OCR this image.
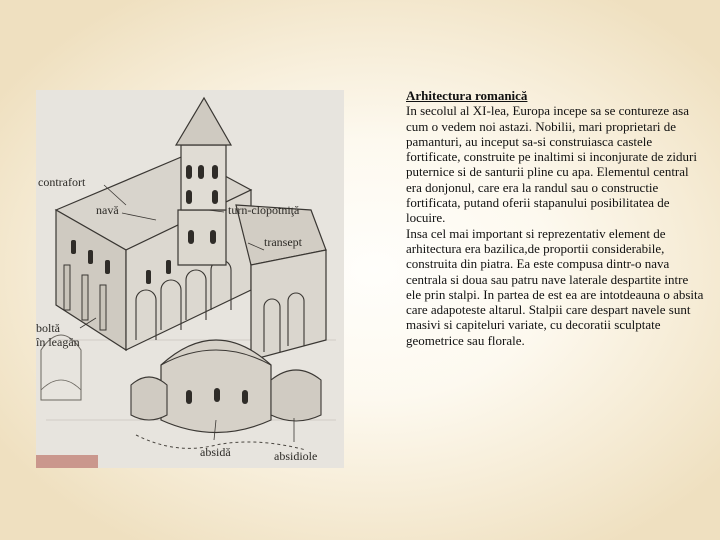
contrafort
navă	turn-clopotniţă
transept
boltă
în leagăn
absidă	absidiole
Arhitectura romanică
In secolul al XI-lea, Europa incepe sa se contureze asa cum o vedem noi astazi. Nobilii, mari proprietari de pamanturi, au inceput sa-si construiasca castele fortificate, construite pe inaltimi si inconjurate de ziduri puternice si de santurii pline cu apa. Elementul central era donjonul, care era la randul sau o constructie fortificata, putand oferii stapanului posibilitatea de locuire.
Insa cel mai important si reprezentativ element de arhitectura era bazilica,de proportii considerabile, construita din piatra. Ea este compusa dintr-o nava centrala si doua sau patru nave laterale despartite intre ele prin stalpi. In partea de est ea are intotdeauna o absita care adapoteste altarul. Stalpii care despart navele sunt masivi si capiteluri variate, cu decoratii sculptate geometrice sau florale.
